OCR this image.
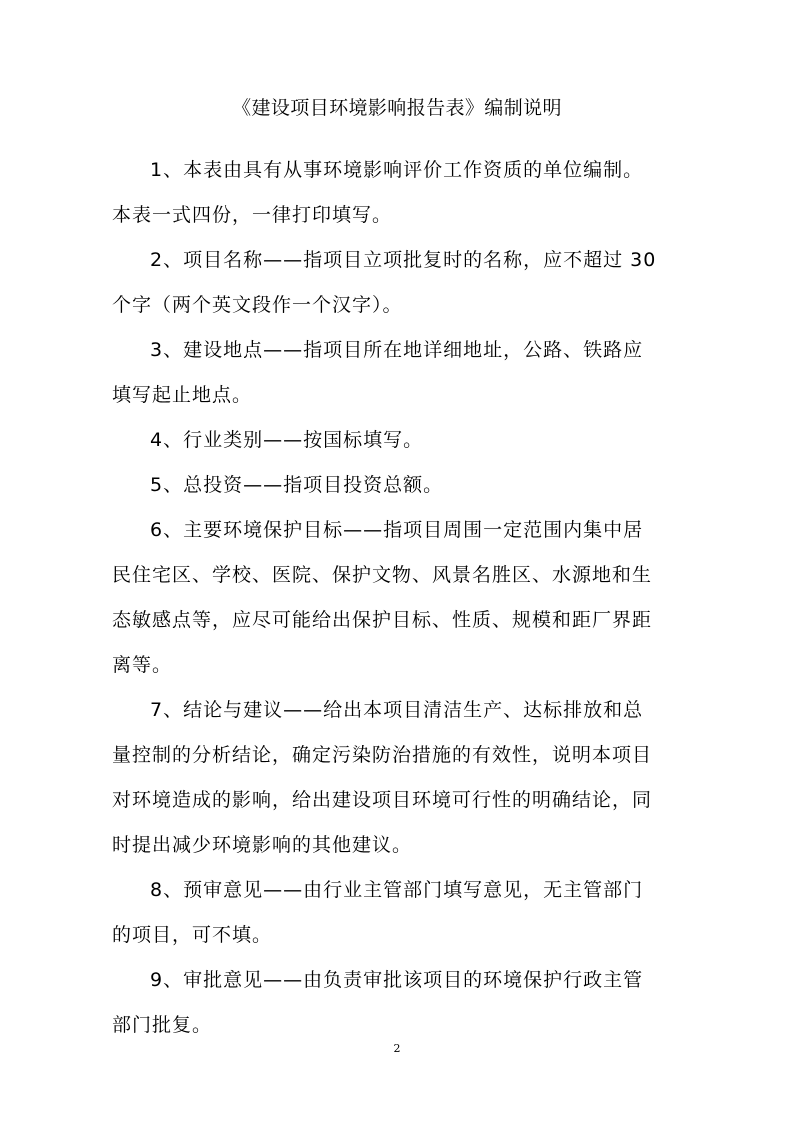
《建设项目环境影响报告表》编制说明

1、本表由具有从事环境影响评价工作资质的单位编制。
本表一式四份，一律打印填写。

2、项目名称——指项目立项批复时的名称，应不超过 30
个字（两个英文段作一个汉字）。

3、建设地点——指项目所在地详细地址，公路、铁路应
填写起止地点。

4、行业类别——按国标填写。

5、总投资——指项目投资总额。

6、主要环境保护目标——指项目周围一定范围内集中居
民住宅区、学校、医院、保护文物、风景名胜区、水源地和生
态敏感点等，应尽可能给出保护目标、性质、规模和距厂界距
离等。

7、结论与建议——给出本项目清洁生产、达标排放和总
量控制的分析结论，确定污染防治措施的有效性，说明本项目
对环境造成的影响，给出建设项目环境可行性的明确结论，同
时提出减少环境影响的其他建议。

8、预审意见——由行业主管部门填写意见，无主管部门
的项目，可不填。

9、审批意见——由负责审批该项目的环境保护行政主管
部门批复。

2
